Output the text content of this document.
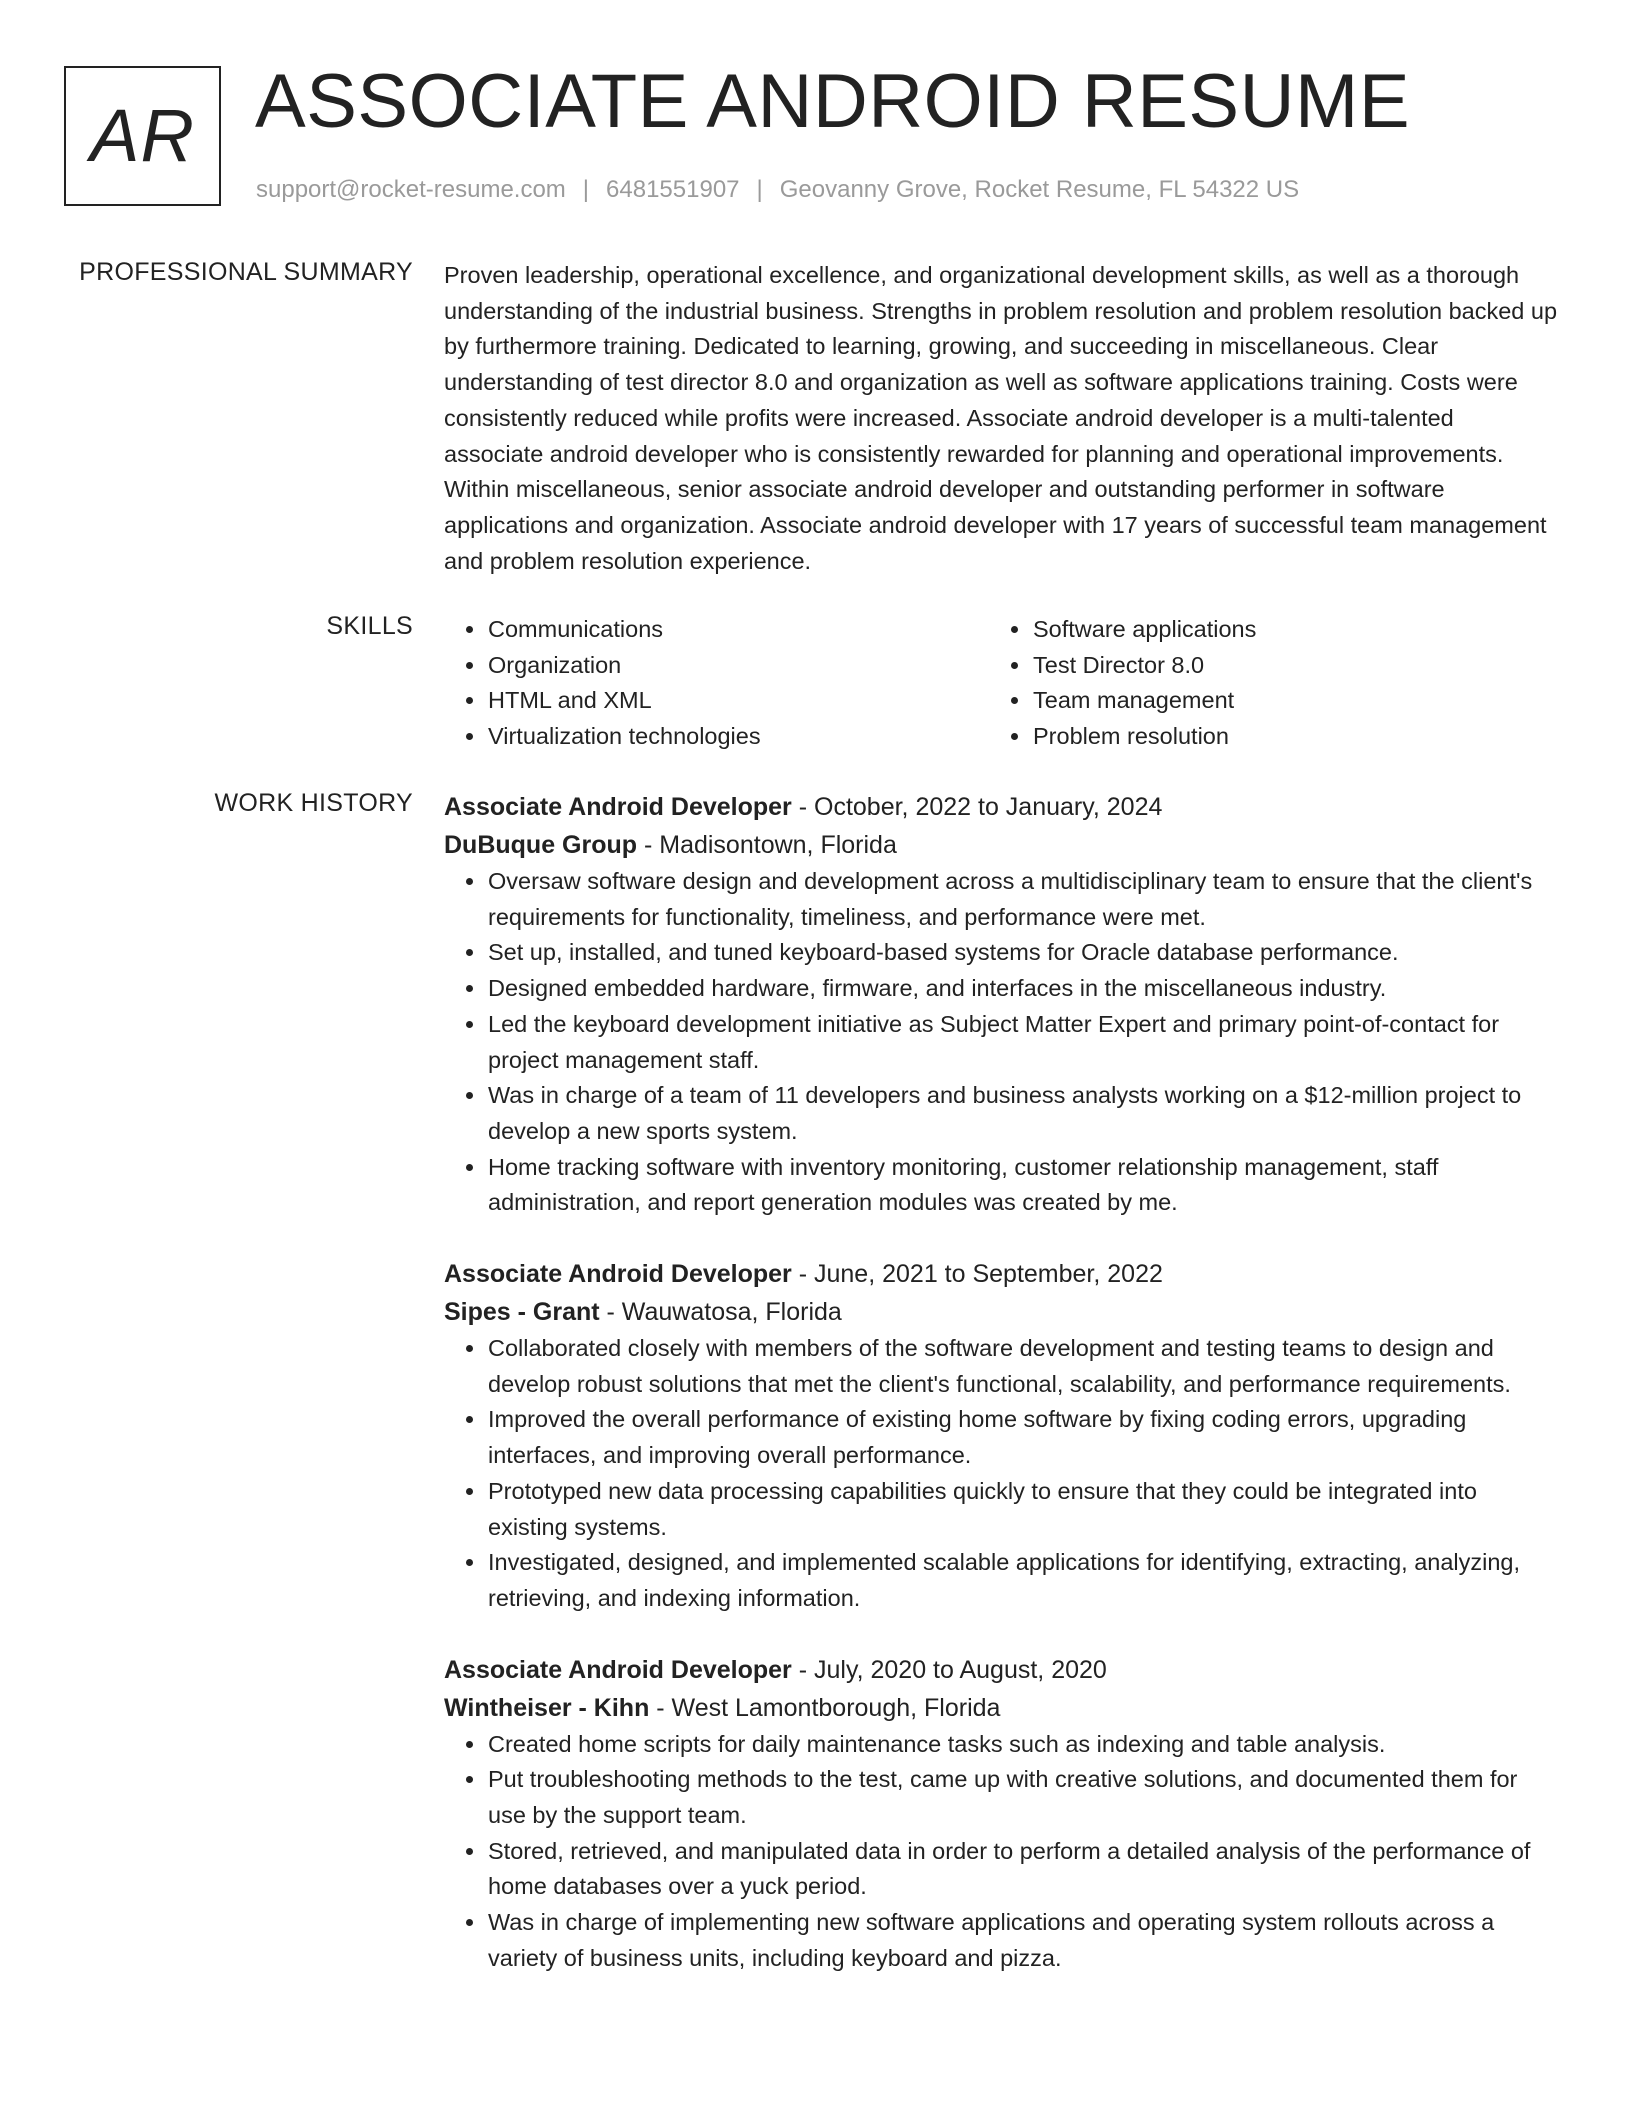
AR ASSOCIATE ANDROID RESUME
support@rocket-resume.com | 6481551907 | Geovanny Grove, Rocket Resume, FL 54322 US
PROFESSIONAL SUMMARY Proven leadership, operational excellence, and organizational development skills, as well as a thorough understanding of the industrial business. Strengths in problem resolution and problem resolution backed up by furthermore training. Dedicated to learning, growing, and succeeding in miscellaneous. Clear understanding of test director 8.0 and organization as well as software applications training. Costs were consistently reduced while profits were increased. Associate android developer is a multi-talented associate android developer who is consistently rewarded for planning and operational improvements. Within miscellaneous, senior associate android developer and outstanding performer in software applications and organization. Associate android developer with 17 years of successful team management and problem resolution experience.

SKILLS
•	Communications
• Organization
• HTML and XML
• Virtualization technologies
• Software applications
• Test Director 8.0
• Team management
• Problem resolution
WORK HISTORY Associate Android Developer - October, 2022 to January, 2024
DuBuque Group - Madisontown, Florida
• Oversaw software design and development across a multidisciplinary team to ensure that the client's requirements for functionality, timeliness, and performance were met.
• Set up, installed, and tuned keyboard-based systems for Oracle database performance.
• Designed embedded hardware, firmware, and interfaces in the miscellaneous industry.
• Led the keyboard development initiative as Subject Matter Expert and primary point-of-contact for project management staff.
• Was in charge of a team of 11 developers and business analysts working on a $12-million project to develop a new sports system.
• Home tracking software with inventory monitoring, customer relationship management, staff administration, and report generation modules was created by me.
Associate Android Developer - June, 2021 to September, 2022
Sipes - Grant - Wauwatosa, Florida
• Collaborated closely with members of the software development and testing teams to design and develop robust solutions that met the client's functional, scalability, and performance requirements.
• Improved the overall performance of existing home software by fixing coding errors, upgrading interfaces, and improving overall performance.
• Prototyped new data processing capabilities quickly to ensure that they could be integrated into existing systems.
• Investigated, designed, and implemented scalable applications for identifying, extracting, analyzing, retrieving, and indexing information.
Associate Android Developer - July, 2020 to August, 2020
Wintheiser - Kihn - West Lamontborough, Florida
• Created home scripts for daily maintenance tasks such as indexing and table analysis.
• Put troubleshooting methods to the test, came up with creative solutions, and documented them for use by the support team.
• Stored, retrieved, and manipulated data in order to perform a detailed analysis of the performance of home databases over a yuck period.
• Was in charge of implementing new software applications and operating system rollouts across a variety of business units, including keyboard and pizza.
